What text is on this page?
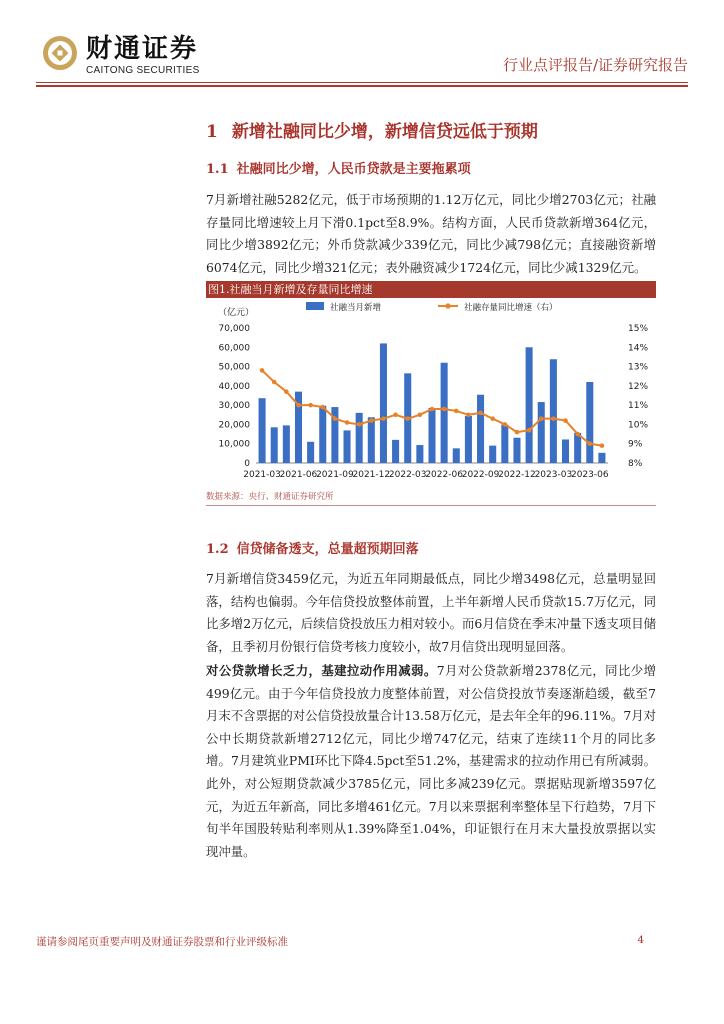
财通证券
CAITONG SECURITIES	行业点评报告/证券研究报告
1 新增社融同比少增，新增信贷远低于预期
1.1 社融同比少增，人民币贷款是主要拖累项
7月新增社融5282亿元，低于市场预期的1.12万亿元，同比少增2703亿元；社融存量同比增速较上月下滑0.1pct至8.9%。结构方面，人民币贷款新增364亿元，同比少增3892亿元；外币贷款减少339亿元，同比少减798亿元；直接融资新增6074亿元，同比少增321亿元；表外融资减少1724亿元，同比少减1329亿元。
图1.社融当月新增及存量同比增速
（亿元）	社融当月新增	社融存量同比增速（右）
0
10,000
20,000
30,000
40,000
50,000
60,000
70,000
8%
9%
10%
11%
12%
13%
14%
15%
2021-03
2021-06
2021-09
2021-12
2022-03
2022-06
2022-09
2022-12
2023-03
2023-06
数据来源：央行、财通证券研究所
1.2 信贷储备透支，总量超预期回落
7月新增信贷3459亿元，为近五年同期最低点，同比少增3498亿元，总量明显回落，结构也偏弱。今年信贷投放整体前置，上半年新增人民币贷款15.7万亿元，同比多增2万亿元，后续信贷投放压力相对较小。而6月信贷在季末冲量下透支项目储备，且季初月份银行信贷考核力度较小，故7月信贷出现明显回落。
对公贷款增长乏力，基建拉动作用减弱。7月对公贷款新增2378亿元，同比少增499亿元。由于今年信贷投放力度整体前置，对公信贷投放节奏逐渐趋缓，截至7月末不含票据的对公信贷投放量合计13.58万亿元，是去年全年的96.11%。7月对公中长期贷款新增2712亿元，同比少增747亿元，结束了连续11个月的同比多增。7月建筑业PMI环比下降4.5pct至51.2%，基建需求的拉动作用已有所减弱。此外，对公短期贷款减少3785亿元，同比多减239亿元。票据贴现新增3597亿元，为近五年新高，同比多增461亿元。7月以来票据利率整体呈下行趋势，7月下旬半年国股转贴利率则从1.39%降至1.04%，印证银行在月末大量投放票据以实现冲量。
谨请参阅尾页重要声明及财通证券股票和行业评级标准	4
